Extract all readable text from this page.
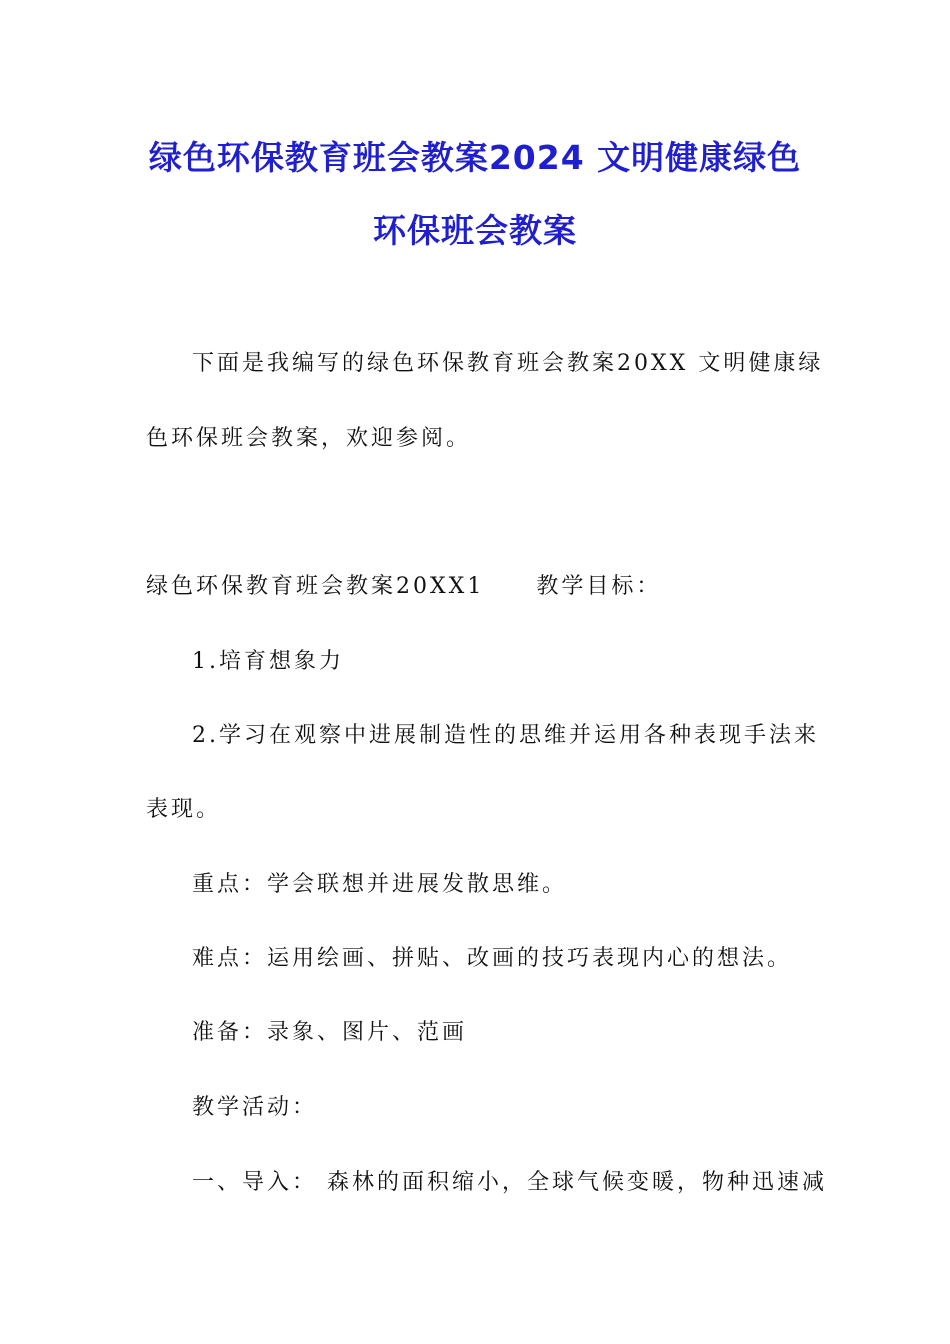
绿色环保教育班会教案2024 文明健康绿色
环保班会教案
下面是我编写的绿色环保教育班会教案20XX 文明健康绿
色环保班会教案，欢迎参阅。
绿色环保教育班会教案20XX1 教学目标：
1.培育想象力
2.学习在观察中进展制造性的思维并运用各种表现手法来
表现。
重点：学会联想并进展发散思维。
难点：运用绘画、拼贴、改画的技巧表现内心的想法。
准备：录象、图片、范画
教学活动：
一、导入： 森林的面积缩小，全球气候变暖，物种迅速减
